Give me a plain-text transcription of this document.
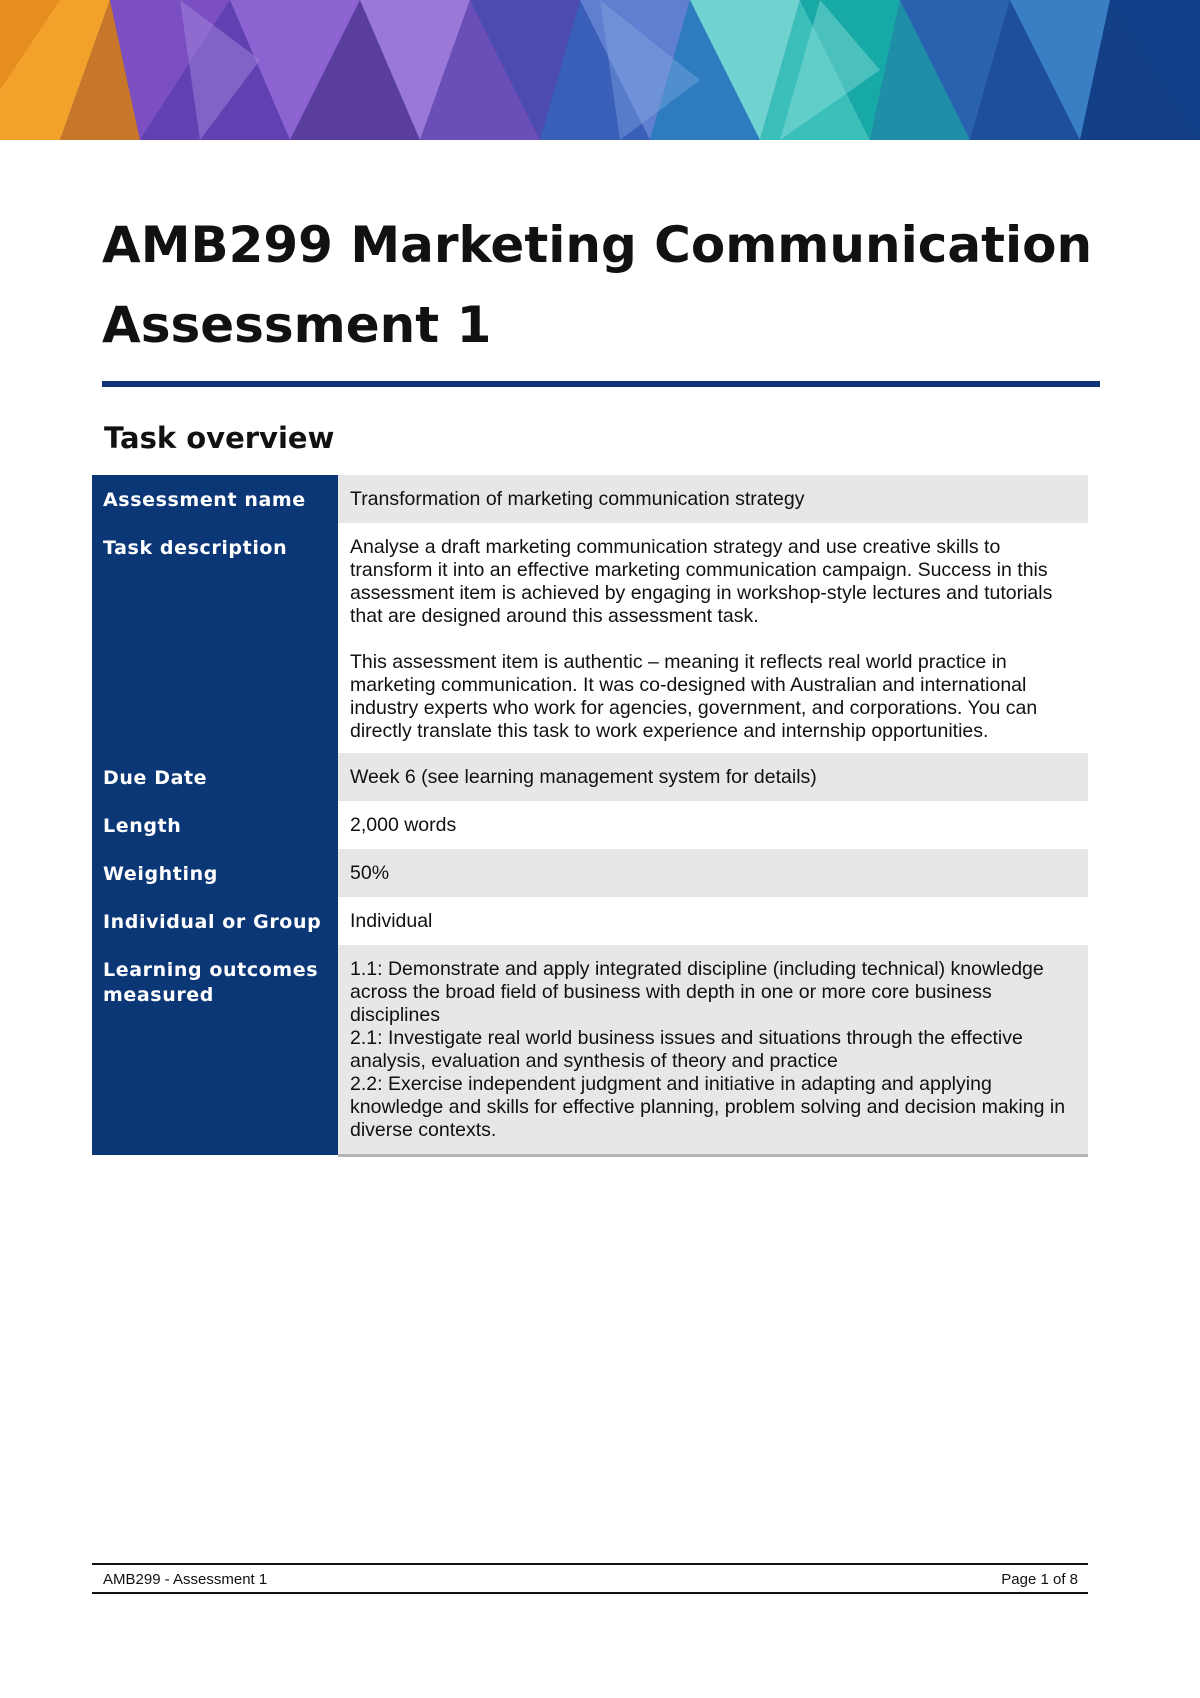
AMB299 Marketing Communication
Assessment 1
Task overview
Assessment name	Transformation of marketing communication strategy

Task description	Analyse a draft marketing communication strategy and use creative skills to transform it into an effective marketing communication campaign. Success in this assessment item is achieved by engaging in workshop-style lectures and tutorials that are designed around this assessment task.

This assessment item is authentic – meaning it reflects real world practice in marketing communication. It was co-designed with Australian and international industry experts who work for agencies, government, and corporations. You can directly translate this task to work experience and internship opportunities.

Due Date	Week 6 (see learning management system for details)

Length	2,000 words

Weighting	50%

Individual or Group	Individual

Learning outcomes measured	1.1: Demonstrate and apply integrated discipline (including technical) knowledge across the broad field of business with depth in one or more core business disciplines
2.1: Investigate real world business issues and situations through the effective analysis, evaluation and synthesis of theory and practice
2.2: Exercise independent judgment and initiative in adapting and applying knowledge and skills for effective planning, problem solving and decision making in diverse contexts.
AMB299 - Assessment 1	Page 1 of 8
